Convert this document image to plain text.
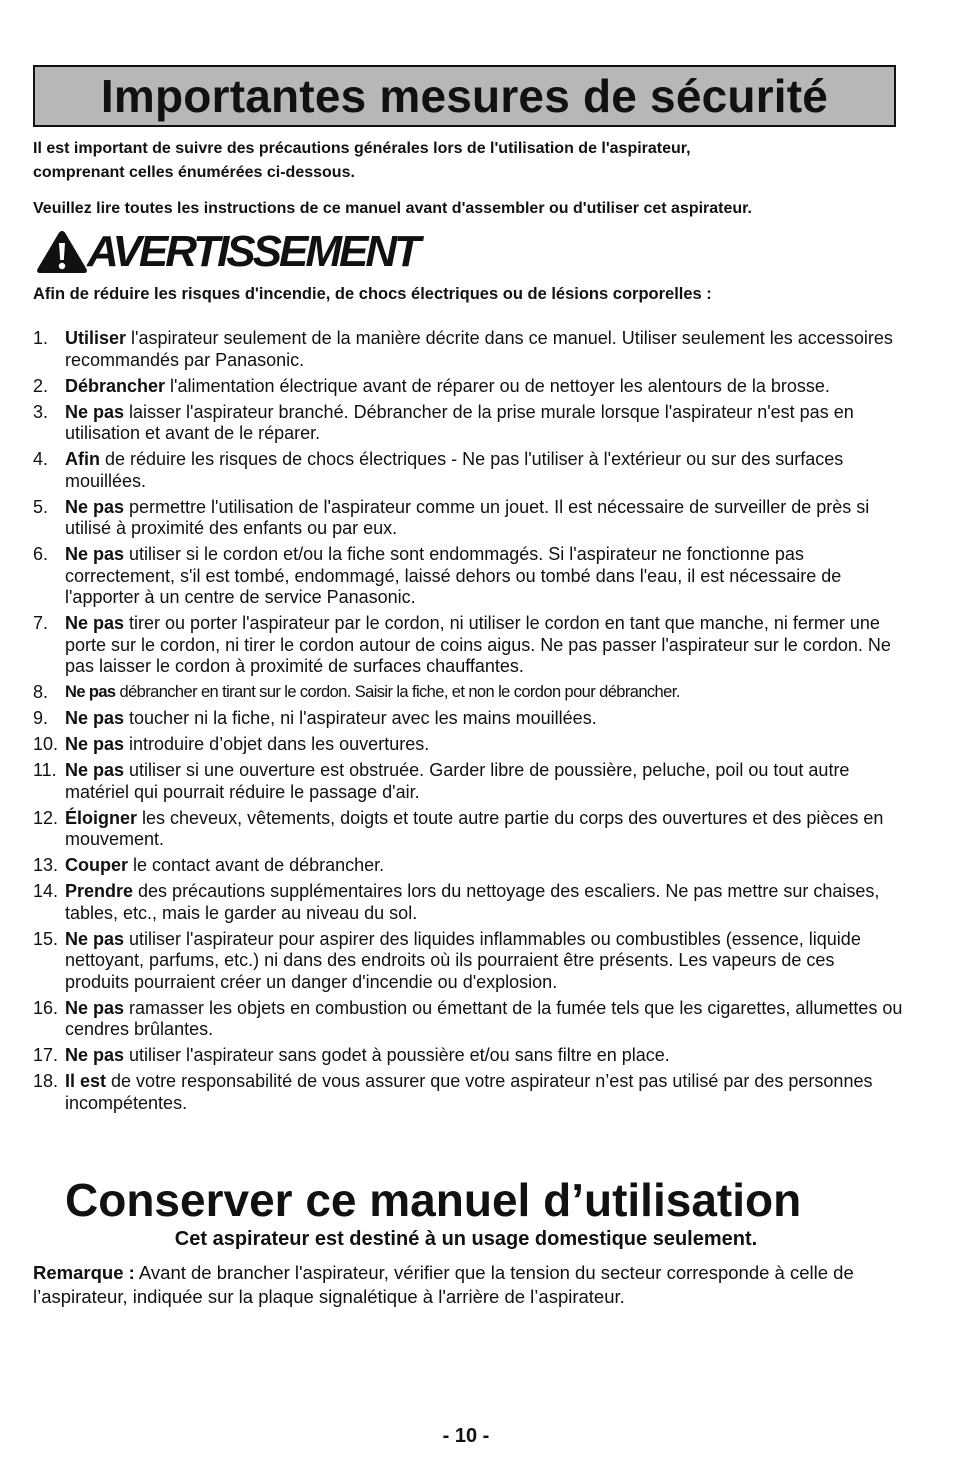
Importantes mesures de sécurité

Il est important de suivre des précautions générales lors de l'utilisation de l'aspirateur,

comprenant celles énumérées ci-dessous.

Veuillez lire toutes les instructions de ce manuel avant d'assembler ou d'utiliser cet aspirateur.

AVERTISSEMENT
Afin de réduire les risques d'incendie, de chocs électriques ou de lésions corporelles :
1. Utiliser l'aspirateur seulement de la manière décrite dans ce manuel. Utiliser seulement les accessoires recommandés par Panasonic.
2. Débrancher l'alimentation électrique avant de réparer ou de nettoyer les alentours de la brosse.
3. Ne pas laisser l'aspirateur branché. Débrancher de la prise murale lorsque l'aspirateur n'est pas en utilisation et avant de le réparer.
4. Afin de réduire les risques de chocs électriques - Ne pas l'utiliser à l'extérieur ou sur des surfaces mouillées.
5. Ne pas permettre l'utilisation de l'aspirateur comme un jouet. Il est nécessaire de surveiller de près si utilisé à proximité des enfants ou par eux.
6. Ne pas utiliser si le cordon et/ou la fiche sont endommagés. Si l'aspirateur ne fonctionne pas correctement, s'il est tombé, endommagé, laissé dehors ou tombé dans l'eau, il est nécessaire de l'apporter à un centre de service Panasonic.
7. Ne pas tirer ou porter l'aspirateur par le cordon, ni utiliser le cordon en tant que manche, ni fermer une porte sur le cordon, ni tirer le cordon autour de coins aigus. Ne pas passer l'aspirateur sur le cordon. Ne pas laisser le cordon à proximité de surfaces chauffantes.
8.	Ne pas débrancher en tirant sur le cordon. Saisir la fiche, et non le cordon pour débrancher.
9. Ne pas toucher ni la fiche, ni l'aspirateur avec les mains mouillées.
10. Ne pas introduire d’objet dans les ouvertures.
11. Ne pas utiliser si une ouverture est obstruée. Garder libre de poussière, peluche, poil ou tout autre matériel qui pourrait réduire le passage d'air.
12. Éloigner les cheveux, vêtements, doigts et toute autre partie du corps des ouvertures et des pièces en mouvement.
13. Couper le contact avant de débrancher.
14. Prendre des précautions supplémentaires lors du nettoyage des escaliers. Ne pas mettre sur chaises, tables, etc., mais le garder au niveau du sol.
15. Ne pas utiliser l'aspirateur pour aspirer des liquides inflammables ou combustibles (essence, liquide nettoyant, parfums, etc.) ni dans des endroits où ils pourraient être présents. Les vapeurs de ces produits pourraient créer un danger d'incendie ou d'explosion.
16. Ne pas ramasser les objets en combustion ou émettant de la fumée tels que les cigarettes, allumettes ou cendres brûlantes.
17. Ne pas utiliser l'aspirateur sans godet à poussière et/ou sans filtre en place.
18. Il est de votre responsabilité de vous assurer que votre aspirateur n’est pas utilisé par des personnes incompétentes.
Conserver ce manuel d’utilisation
Cet aspirateur est destiné à un usage domestique seulement.
Remarque : Avant de brancher l'aspirateur, vérifier que la tension du secteur corresponde à celle de l’aspirateur, indiquée sur la plaque signalétique à l'arrière de l’aspirateur.
- 10 -
